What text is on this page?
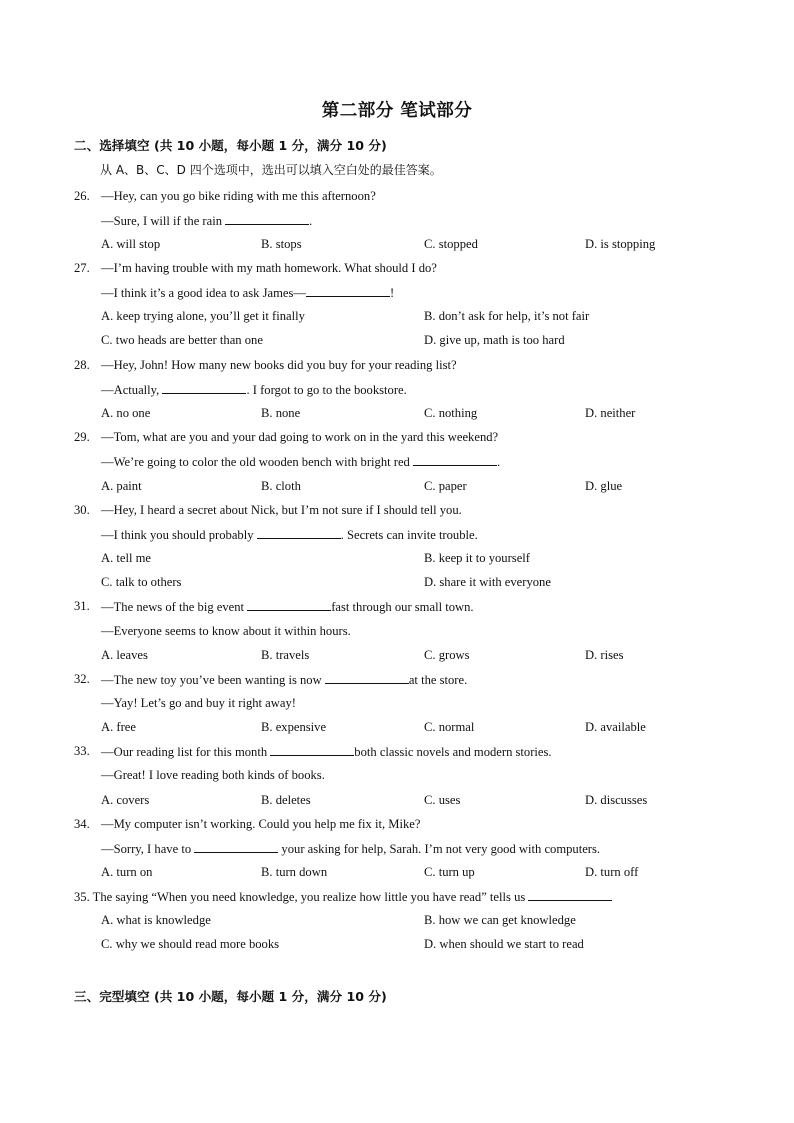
第二部分 笔试部分
二、选择填空 (共 10 小题，每小题 1 分，满分 10 分)
从 A、B、C、D 四个选项中，选出可以填入空白处的最佳答案。
26. —Hey, can you go bike riding with me this afternoon?
—Sure, I will if the rain	.
A. will stop	B. stops	C. stopped	D. is stopping
27. —I’m having trouble with my math homework. What should I do?
—I think it’s a good idea to ask James—	!
A. keep trying alone, you’ll get it finally	B. don’t ask for help, it’s not fair
C. two heads are better than one	D. give up, math is too hard
28. —Hey, John! How many new books did you buy for your reading list?
—Actually,	. I forgot to go to the bookstore.
A. no one	B. none	C. nothing	D. neither
29. —Tom, what are you and your dad going to work on in the yard this weekend?
—We’re going to color the old wooden bench with bright red	.
A. paint	B. cloth	C. paper	D. glue
30. —Hey, I heard a secret about Nick, but I’m not sure if I should tell you.
—I think you should probably	. Secrets can invite trouble.
A. tell me	B. keep it to yourself
C. talk to others	D. share it with everyone
31. —The news of the big event	fast through our small town.
—Everyone seems to know about it within hours.
A. leaves	B. travels	C. grows	D. rises
32. —The new toy you’ve been wanting is now	at the store.
—Yay! Let’s go and buy it right away!
A. free	B. expensive	C. normal	D. available
33. —Our reading list for this month	both classic novels and modern stories.
—Great! I love reading both kinds of books.
A. covers	B. deletes	C. uses	D. discusses
34. —My computer isn’t working. Could you help me fix it, Mike?
—Sorry, I have to	your asking for help, Sarah. I’m not very good with computers.
A. turn on	B. turn down	C. turn up	D. turn off
35. The saying “When you need knowledge, you realize how little you have read” tells us
A. what is knowledge	B. how we can get knowledge
C. why we should read more books	D. when should we start to read
三、完型填空 (共 10 小题，每小题 1 分，满分 10 分)
